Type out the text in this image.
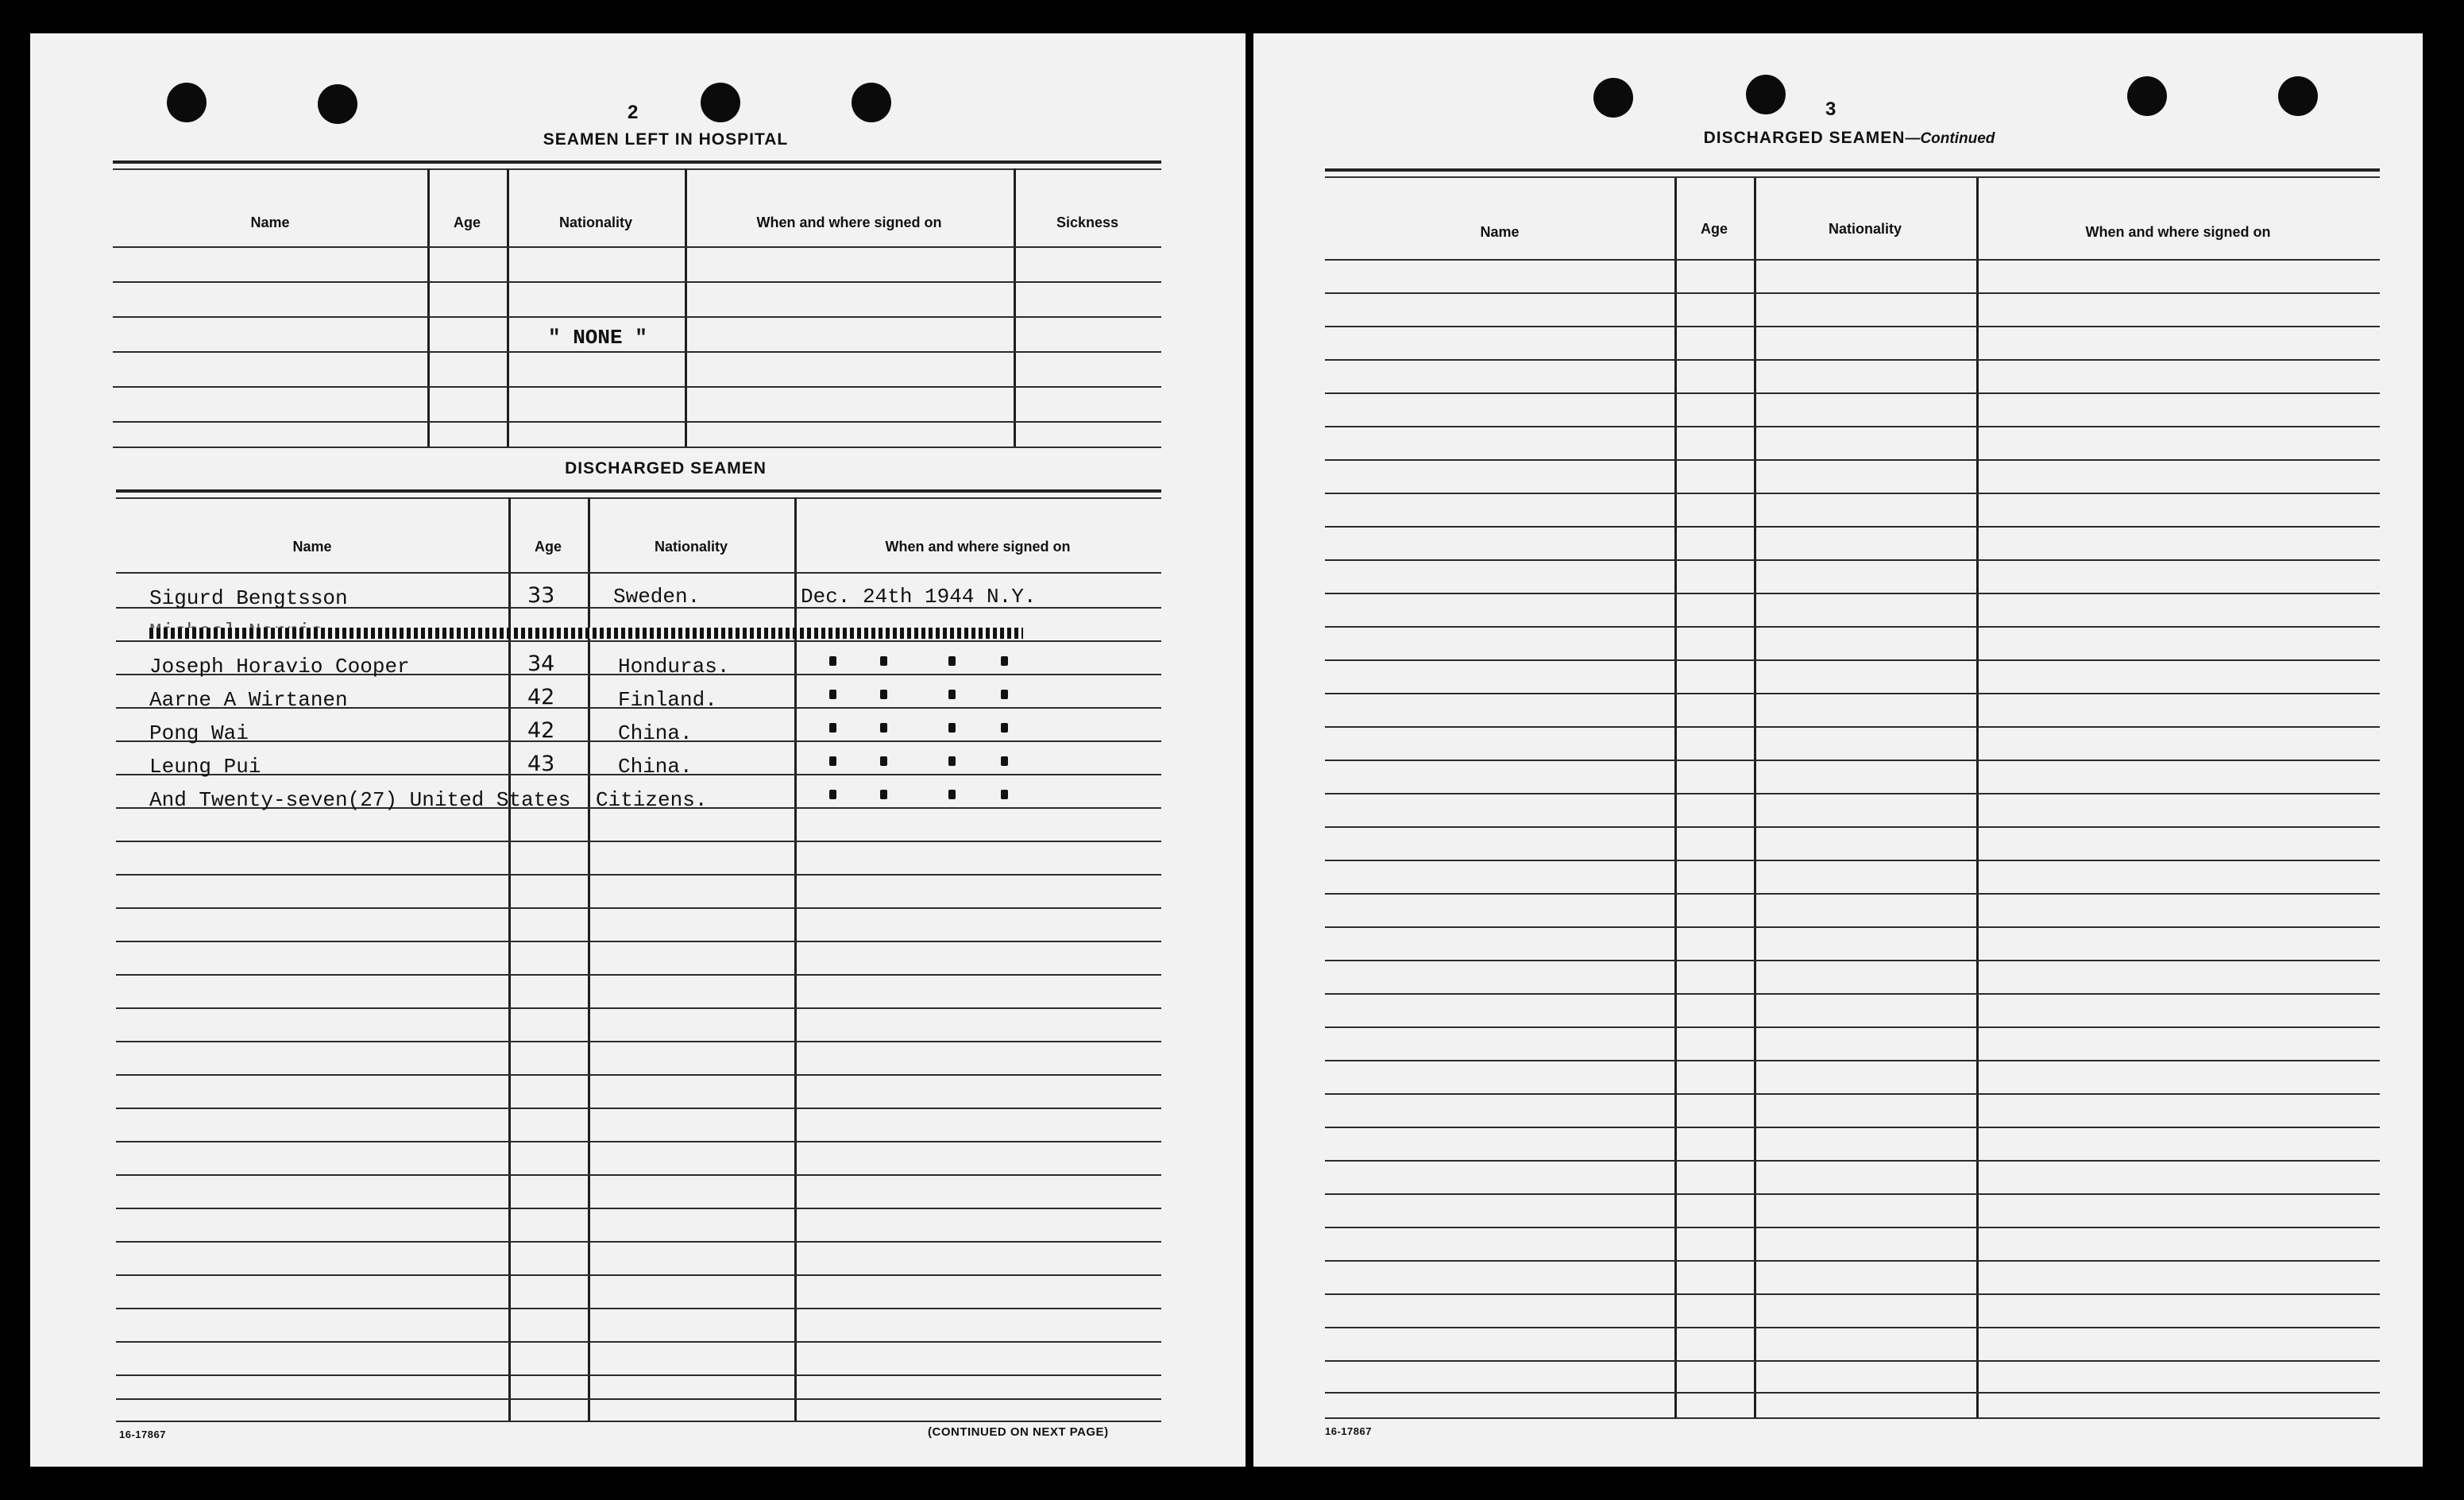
2
SEAMEN LEFT IN HOSPITAL
Name	Age	Nationality	When and where signed on	Sickness
" NONE "
DISCHARGED SEAMEN
Name	Age	Nationality	When and where signed on
Sigurd Bengtsson	33	Sweden.	Dec. 24th 1944 N.Y.
Joseph Horavio Cooper	34	Honduras.
Aarne A Wirtanen	42	Finland.
Pong Wai	42	China.
Leung Pui	43	China.
And Twenty-seven(27) United States Citizens.
16-17867	(CONTINUED ON NEXT PAGE)
3
DISCHARGED SEAMEN—Continued
Name	Age	Nationality	When and where signed on
16-17867
